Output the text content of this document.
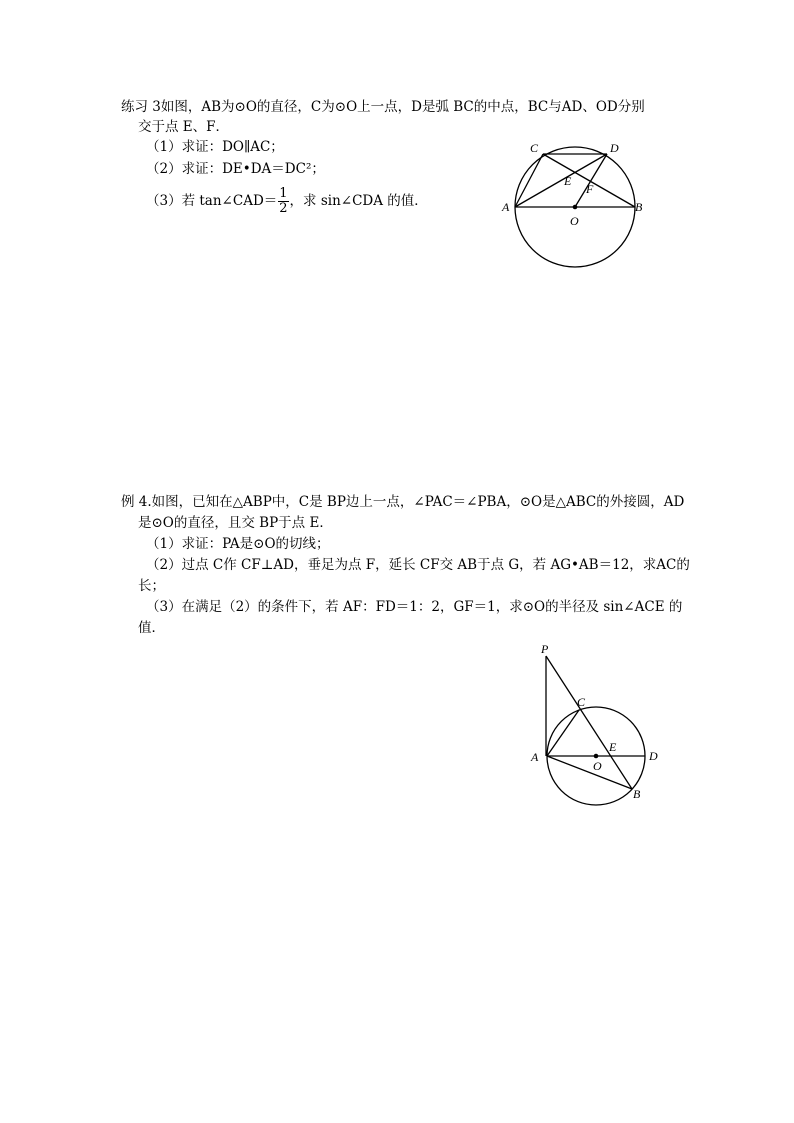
练习 3如图，AB为⊙O的直径，C为⊙O上一点，D是弧 BC的中点，BC与AD、OD分别
交于点 E、F．
（1）求证：DO∥AC；
（2）求证：DE•DA＝DC²；
（3）若 tan∠CAD＝ $\frac{1}{2}$ ，求 sin∠CDA 的值．	A	B
C	D
E
F
O
例 4.如图，已知在△ABP中，C是 BP边上一点，∠PAC＝∠PBA，⊙O是△ABC的外接圆，AD
是⊙O的直径，且交 BP于点 E．
（1）求证：PA是⊙O的切线；
（2）过点 C作 CF⊥AD，垂足为点 F，延长 CF交 AB于点 G，若 AG•AB＝12，求AC的
长；
（3）在满足（2）的条件下，若 AF：FD＝1：2，GF＝1，求⊙O的半径及 sin∠ACE 的
值．
P
C
A
E
D
O
B
